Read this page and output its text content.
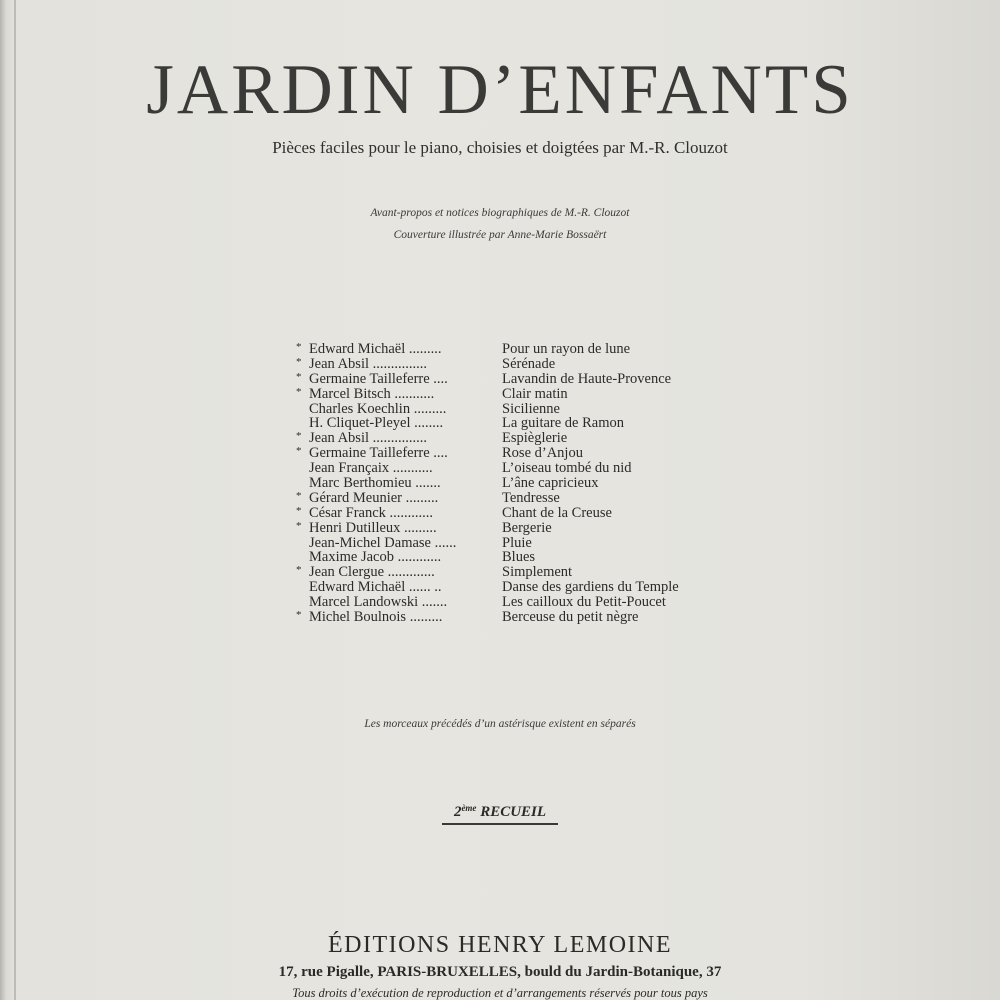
JARDIN D’ENFANTS
Pièces faciles pour le piano, choisies et doigtées par M.-R. Clouzot
Avant-propos et notices biographiques de M.-R. Clouzot
Couverture illustrée par Anne-Marie Bossaërt
* Edward Michaël .........	Pour un rayon de lune
* Jean Absil ...............	Sérénade
* Germaine Tailleferre ....	Lavandin de Haute-Provence
* Marcel Bitsch ...........	Clair matin
Charles Koechlin .........	Sicilienne
H. Cliquet-Pleyel ........	La guitare de Ramon
* Jean Absil ...............	Espièglerie
* Germaine Tailleferre ....	Rose d’Anjou
Jean Françaix ...........	L’oiseau tombé du nid
Marc Berthomieu .......	L’âne capricieux
* Gérard Meunier .........	Tendresse
* César Franck ............	Chant de la Creuse
* Henri Dutilleux .........	Bergerie
Jean-Michel Damase ......	Pluie
Maxime Jacob ............	Blues
* Jean Clergue .............	Simplement
Edward Michaël ...... ..	Danse des gardiens du Temple
Marcel Landowski .......	Les cailloux du Petit-Poucet
* Michel Boulnois .........	Berceuse du petit nègre
Les morceaux précédés d’un astérisque existent en séparés
2ème RECUEIL
ÉDITIONS HENRY LEMOINE
17, rue Pigalle, PARIS-BRUXELLES, bould du Jardin-Botanique, 37
Tous droits d’exécution de reproduction et d’arrangements réservés pour tous pays
